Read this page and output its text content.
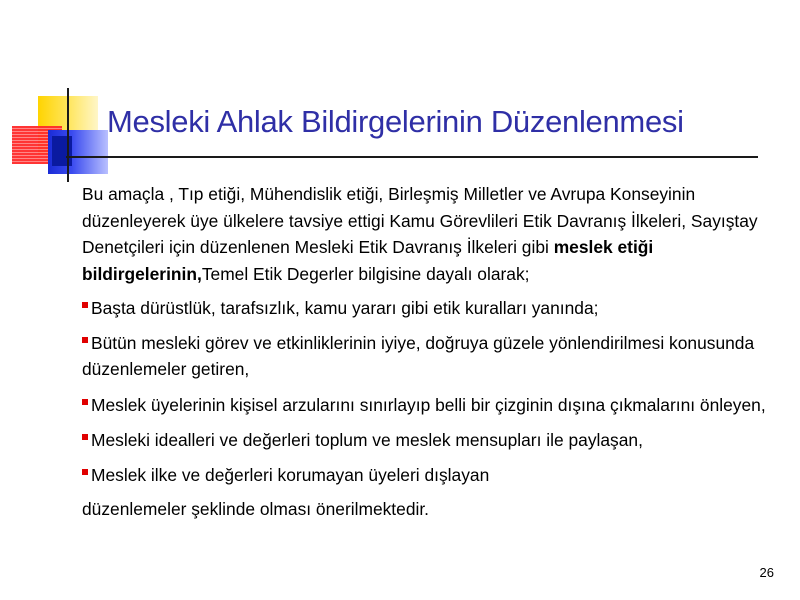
Mesleki Ahlak Bildirgelerinin Düzenlenmesi

Bu amaçla , Tıp etiği, Mühendislik etiği, Birleşmiş Milletler ve Avrupa Konseyinin düzenleyerek üye ülkelere tavsiye ettigi Kamu Görevlileri Etik Davranış İlkeleri, Sayıştay Denetçileri için düzenlenen Mesleki Etik Davranış İlkeleri gibi meslek etiği bildirgelerinin,Temel Etik Degerler bilgisine dayalı olarak;

Başta dürüstlük, tarafsızlık, kamu yararı gibi etik kuralları yanında;

Bütün mesleki görev ve etkinliklerinin iyiye, doğruya güzele yönlendirilmesi konusunda düzenlemeler getiren,

Meslek üyelerinin kişisel arzularını sınırlayıp belli bir çizginin dışına çıkmalarını önleyen,

Mesleki idealleri ve değerleri toplum ve meslek mensupları ile paylaşan,

Meslek ilke ve değerleri korumayan üyeleri dışlayan

düzenlemeler şeklinde olması önerilmektedir.

26
